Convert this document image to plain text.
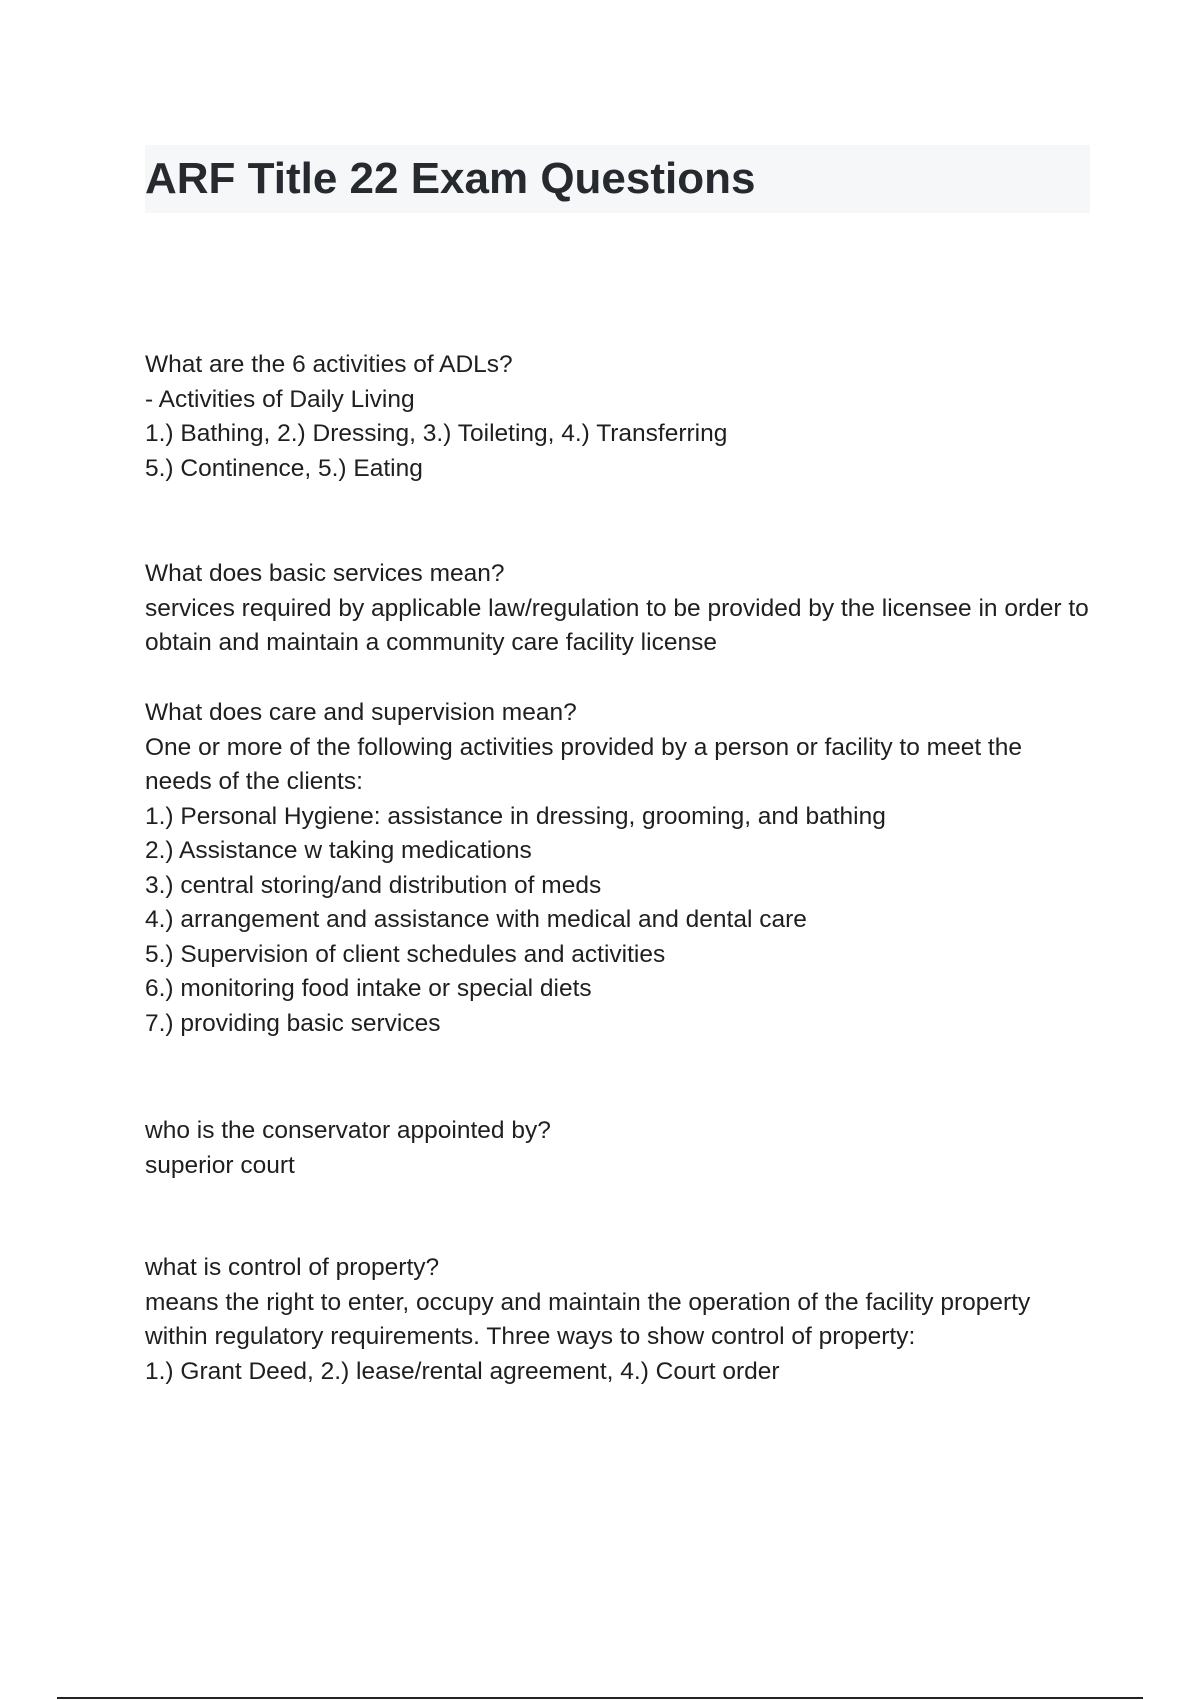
ARF Title 22 Exam Questions
What are the 6 activities of ADLs?
- Activities of Daily Living
1.) Bathing, 2.) Dressing, 3.) Toileting, 4.) Transferring
5.) Continence, 5.) Eating
What does basic services mean?
services required by applicable law/regulation to be provided by the licensee in order to obtain and maintain a community care facility license
What does care and supervision mean?
One or more of the following activities provided by a person or facility to meet the needs of the clients:
1.) Personal Hygiene: assistance in dressing, grooming, and bathing
2.) Assistance w taking medications
3.) central storing/and distribution of meds
4.) arrangement and assistance with medical and dental care
5.) Supervision of client schedules and activities
6.) monitoring food intake or special diets
7.) providing basic services
who is the conservator appointed by?
superior court
what is control of property?
means the right to enter, occupy and maintain the operation of the facility property within regulatory requirements. Three ways to show control of property:
1.) Grant Deed, 2.) lease/rental agreement, 4.) Court order
